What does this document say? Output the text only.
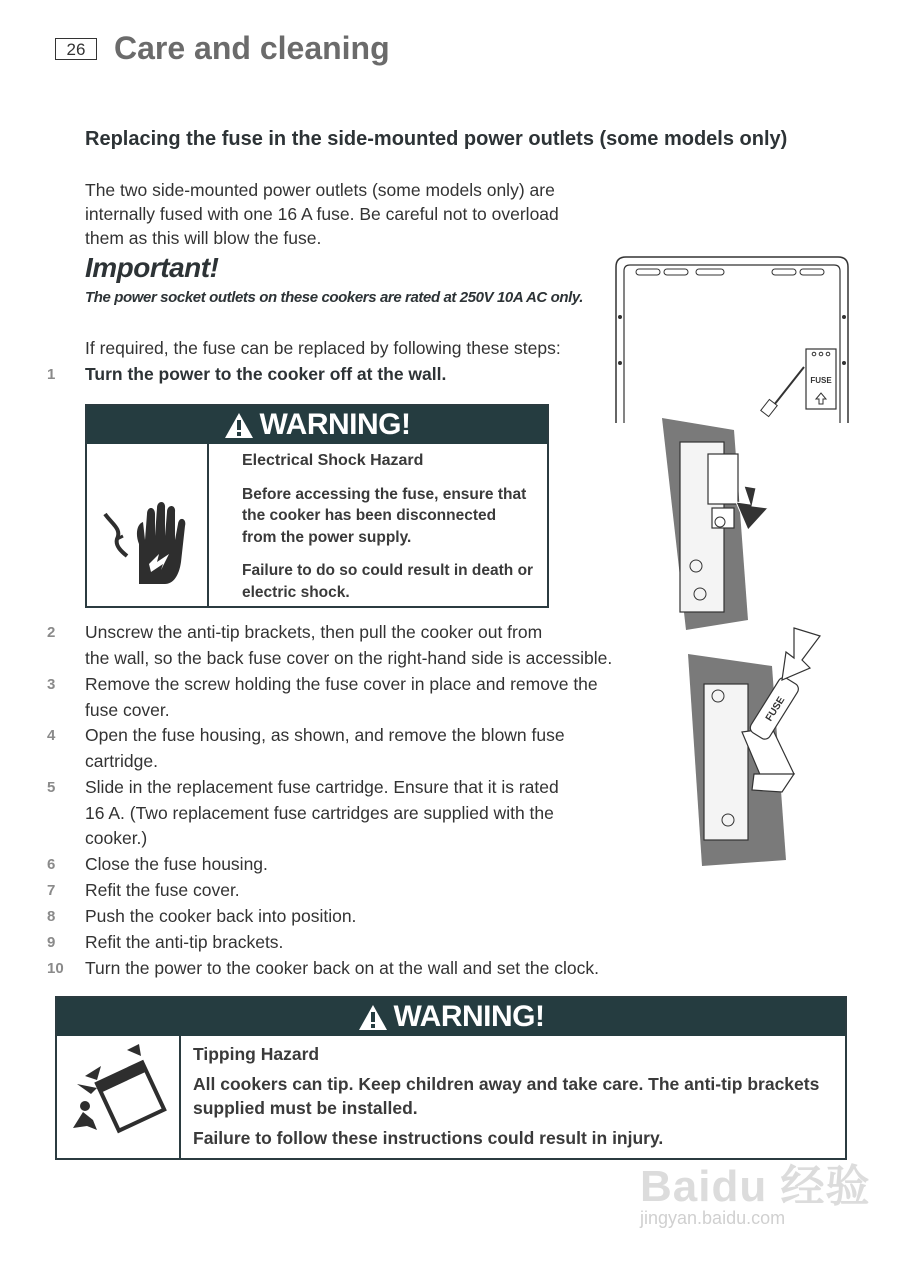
26 Care and cleaning
Replacing the fuse in the side-mounted power outlets (some models only)
The two side-mounted power outlets (some models only) are
internally fused with one 16 A fuse. Be careful not to overload
them as this will blow the fuse.
Important!
The power socket outlets on these cookers are rated at 250V 10A AC only.
If required, the fuse can be replaced by following these steps:
1	Turn the power to the cooker off at the wall.
WARNING!

Electrical Shock Hazard

Before accessing the fuse, ensure that
the cooker has been disconnected
from the power supply.

Failure to do so could result in death or
electric shock.

2	Unscrew the anti-tip brackets, then pull the cooker out from
the wall, so the back fuse cover on the right-hand side is accessible.
3	Remove the screw holding the fuse cover in place and remove the
fuse cover.
4	Open the fuse housing, as shown, and remove the blown fuse
cartridge.
5	Slide in the replacement fuse cartridge. Ensure that it is rated
16 A. (Two replacement fuse cartridges are supplied with the
cooker.)
6	Close the fuse housing.
7	Refit the fuse cover.
8	Push the cooker back into position.
9	Refit the anti-tip brackets.
10	Turn the power to the cooker back on at the wall and set the clock.
WARNING!

Tipping Hazard

All cookers can tip. Keep children away and take care. The anti-tip brackets
supplied must be installed.

Failure to follow these instructions could result in injury.

FUSE
FUSE
Baidu 经验
jingyan.baidu.com
